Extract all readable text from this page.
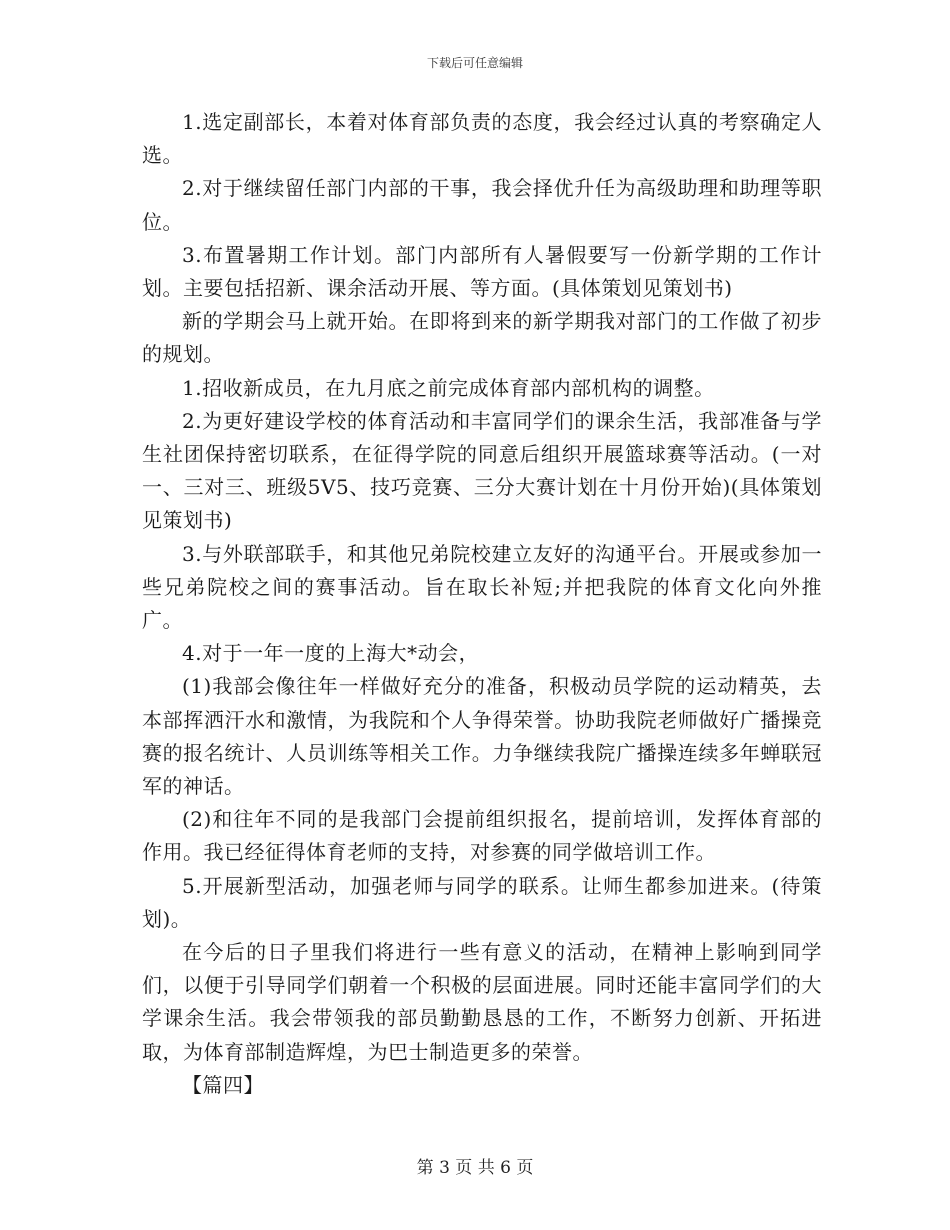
下载后可任意编辑

1.选定副部长，本着对体育部负责的态度，我会经过认真的考察确定人选。

2.对于继续留任部门内部的干事，我会择优升任为高级助理和助理等职位。

3.布置暑期工作计划。部门内部所有人暑假要写一份新学期的工作计划。主要包括招新、课余活动开展、等方面。(具体策划见策划书)

新的学期会马上就开始。在即将到来的新学期我对部门的工作做了初步的规划。

1.招收新成员，在九月底之前完成体育部内部机构的调整。

2.为更好建设学校的体育活动和丰富同学们的课余生活，我部准备与学生社团保持密切联系，在征得学院的同意后组织开展篮球赛等活动。(一对一、三对三、班级5V5、技巧竞赛、三分大赛计划在十月份开始)(具体策划见策划书)

3.与外联部联手，和其他兄弟院校建立友好的沟通平台。开展或参加一些兄弟院校之间的赛事活动。旨在取长补短;并把我院的体育文化向外推广。

4.对于一年一度的上海大*动会，

(1)我部会像往年一样做好充分的准备，积极动员学院的运动精英，去本部挥洒汗水和激情，为我院和个人争得荣誉。协助我院老师做好广播操竞赛的报名统计、人员训练等相关工作。力争继续我院广播操连续多年蝉联冠军的神话。

(2)和往年不同的是我部门会提前组织报名，提前培训，发挥体育部的作用。我已经征得体育老师的支持，对参赛的同学做培训工作。

5.开展新型活动，加强老师与同学的联系。让师生都参加进来。(待策划)。

在今后的日子里我们将进行一些有意义的活动，在精神上影响到同学们，以便于引导同学们朝着一个积极的层面进展。同时还能丰富同学们的大学课余生活。我会带领我的部员勤勤恳恳的工作，不断努力创新、开拓进取，为体育部制造辉煌，为巴士制造更多的荣誉。

【篇四】

第 3 页 共 6 页
